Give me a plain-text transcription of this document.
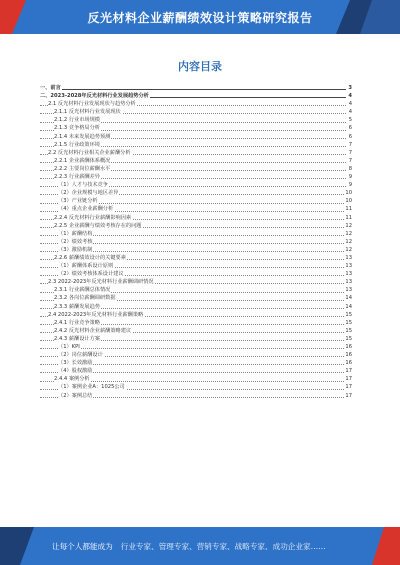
反光材料企业薪酬绩效设计策略研究报告
内容目录
一、前言	3
二、2023-2028年反光材料行业发展趋势分析	4
2.1 反光材料行业发展现状与趋势分析	4
2.1.1 反光材料行业发展现状	4
2.1.2 行业市场规模	5
2.1.3 竞争格局分析	6
2.1.4 未来发展趋势预测	6
2.1.5 行业政策环境	7
2.2 反光材料行业相关企业薪酬分析	7
2.2.1 企业薪酬体系概况	7
2.2.2 主要岗位薪酬水平	8
2.2.3 行业薪酬差异	9
（1）人才与技术竞争	9
（2）企业规模与地区差异	10
（3）产业链分析	10
（4）重点企业薪酬分析	11
2.2.4 反光材料行业薪酬影响因素	11
2.2.5 企业薪酬与绩效考核存在的问题	12
（1）薪酬结构	12
（2）绩效考核	12
（3）激励机制	12
2.2.6 薪酬绩效设计的关键要素	13
（1）薪酬体系设计原则	13
（2）绩效考核体系设计建议	13
2.3 2022-2023年反光材料行业薪酬调研情况	13
2.3.1 行业薪酬总体情况	13
2.3.2 各岗位薪酬调研数据	14
2.3.3 薪酬发展趋势	14
2.4 2022-2023年反光材料行业薪酬策略	15
2.4.1 行业竞争策略	15
2.4.2 反光材料企业薪酬策略建议	15
2.4.3 薪酬设计方案	15
（1）KPI	16
（2）岗位薪酬设计	16
（3）长效激励	16
（4）股权激励	17
2.4.4 案例分析	17
（1）案例企业A：1025公司	17
（2）案例总结	17
让每个人都能成为 行业专家、管理专家、营销专家、战略专家、成功企业家……
